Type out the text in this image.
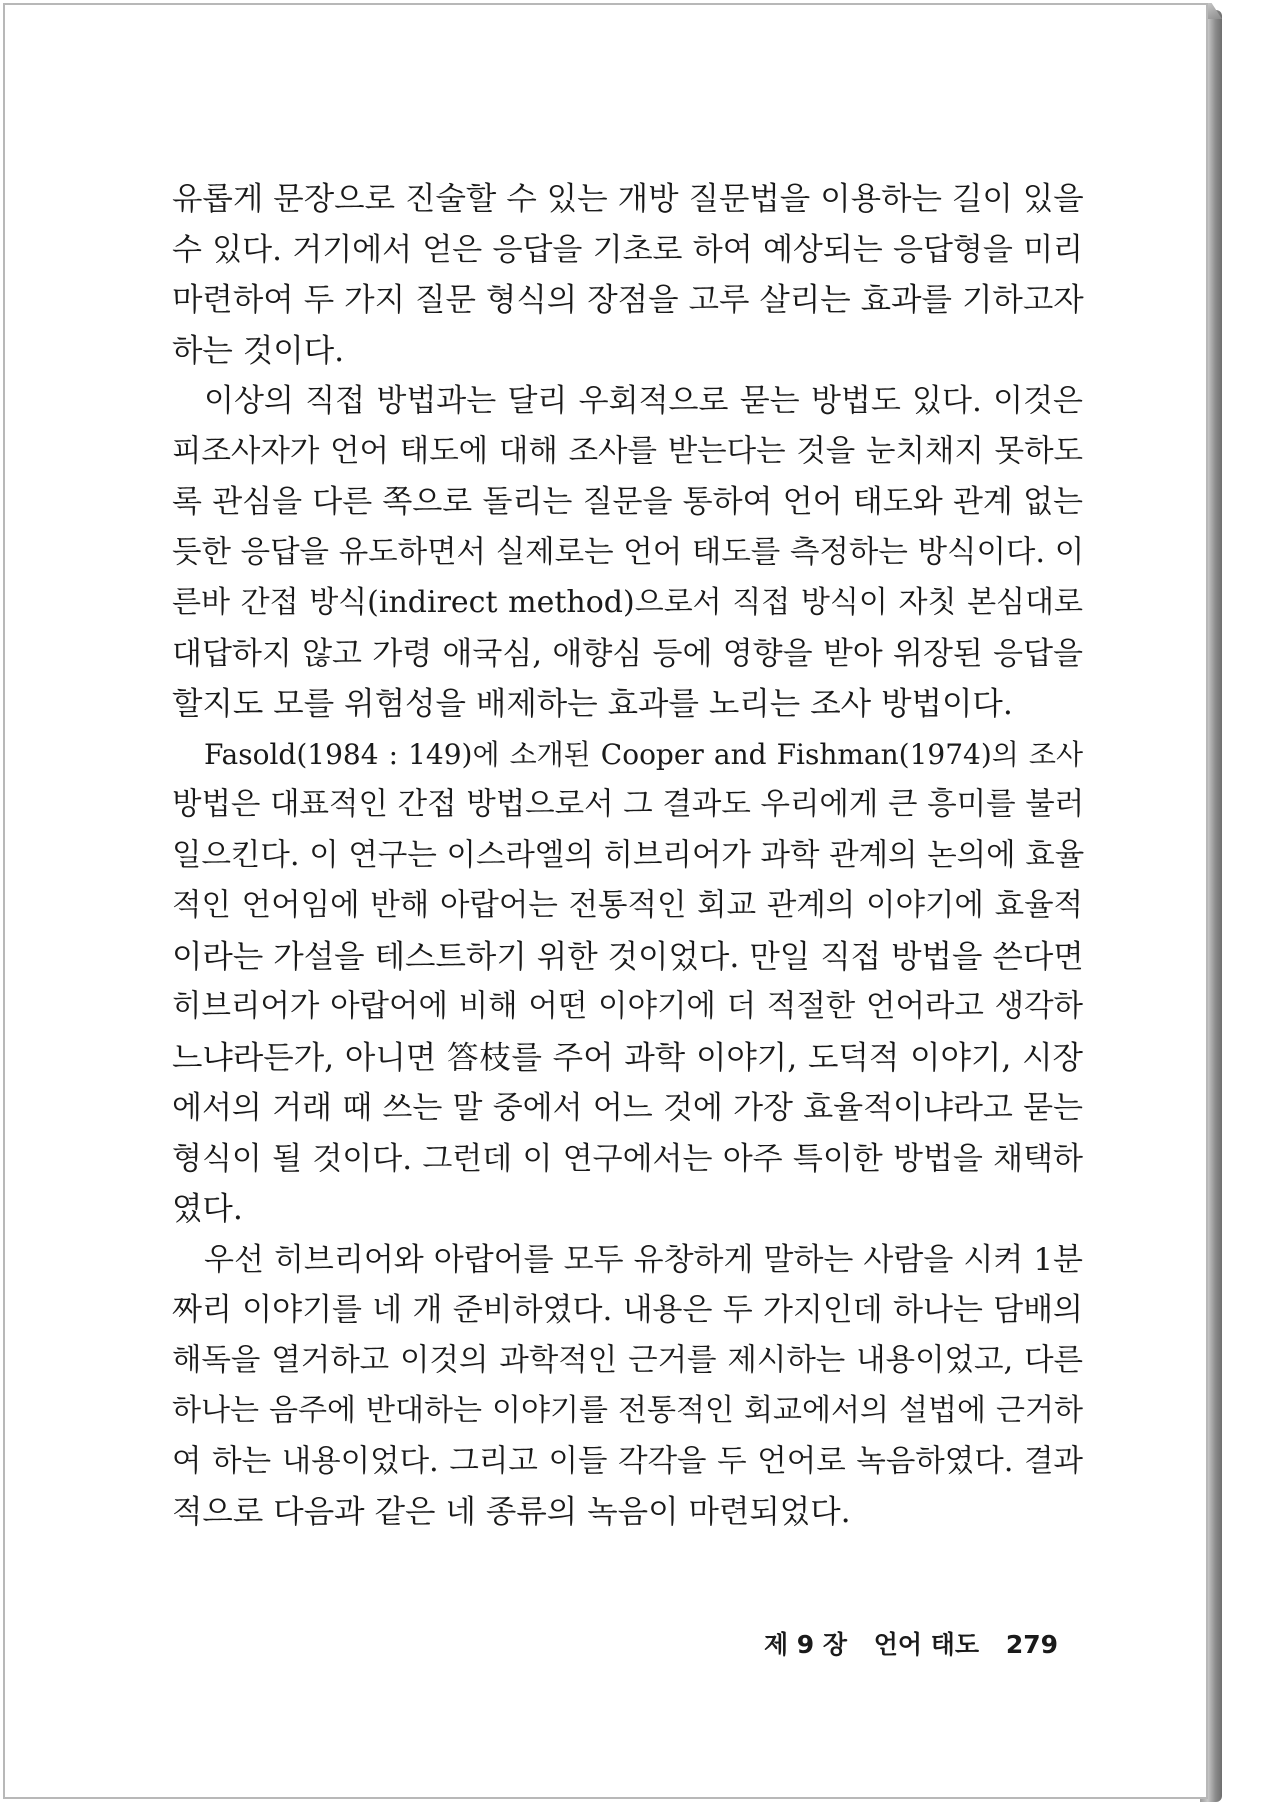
유롭게 문장으로 진술할 수 있는 개방 질문법을 이용하는 길이 있을
수 있다. 거기에서 얻은 응답을 기초로 하여 예상되는 응답형을 미리
마련하여 두 가지 질문 형식의 장점을 고루 살리는 효과를 기하고자
하는 것이다.
이상의 직접 방법과는 달리 우회적으로 묻는 방법도 있다. 이것은
피조사자가 언어 태도에 대해 조사를 받는다는 것을 눈치채지 못하도
록 관심을 다른 쪽으로 돌리는 질문을 통하여 언어 태도와 관계 없는
듯한 응답을 유도하면서 실제로는 언어 태도를 측정하는 방식이다. 이
른바 간접 방식(indirect method)으로서 직접 방식이 자칫 본심대로
대답하지 않고 가령 애국심, 애향심 등에 영향을 받아 위장된 응답을
할지도 모를 위험성을 배제하는 효과를 노리는 조사 방법이다.
Fasold(1984 : 149)에 소개된 Cooper and Fishman(1974)의 조사
방법은 대표적인 간접 방법으로서 그 결과도 우리에게 큰 흥미를 불러
일으킨다. 이 연구는 이스라엘의 히브리어가 과학 관계의 논의에 효율
적인 언어임에 반해 아랍어는 전통적인 회교 관계의 이야기에 효율적
이라는 가설을 테스트하기 위한 것이었다. 만일 직접 방법을 쓴다면
히브리어가 아랍어에 비해 어떤 이야기에 더 적절한 언어라고 생각하
느냐라든가, 아니면 答枝를 주어 과학 이야기, 도덕적 이야기, 시장
에서의 거래 때 쓰는 말 중에서 어느 것에 가장 효율적이냐라고 묻는
형식이 될 것이다. 그런데 이 연구에서는 아주 특이한 방법을 채택하
였다.
우선 히브리어와 아랍어를 모두 유창하게 말하는 사람을 시켜 1분
짜리 이야기를 네 개 준비하였다. 내용은 두 가지인데 하나는 담배의
해독을 열거하고 이것의 과학적인 근거를 제시하는 내용이었고, 다른
하나는 음주에 반대하는 이야기를 전통적인 회교에서의 설법에 근거하
여 하는 내용이었다. 그리고 이들 각각을 두 언어로 녹음하였다. 결과
적으로 다음과 같은 네 종류의 녹음이 마련되었다.
제 9 장 언어 태도 279
